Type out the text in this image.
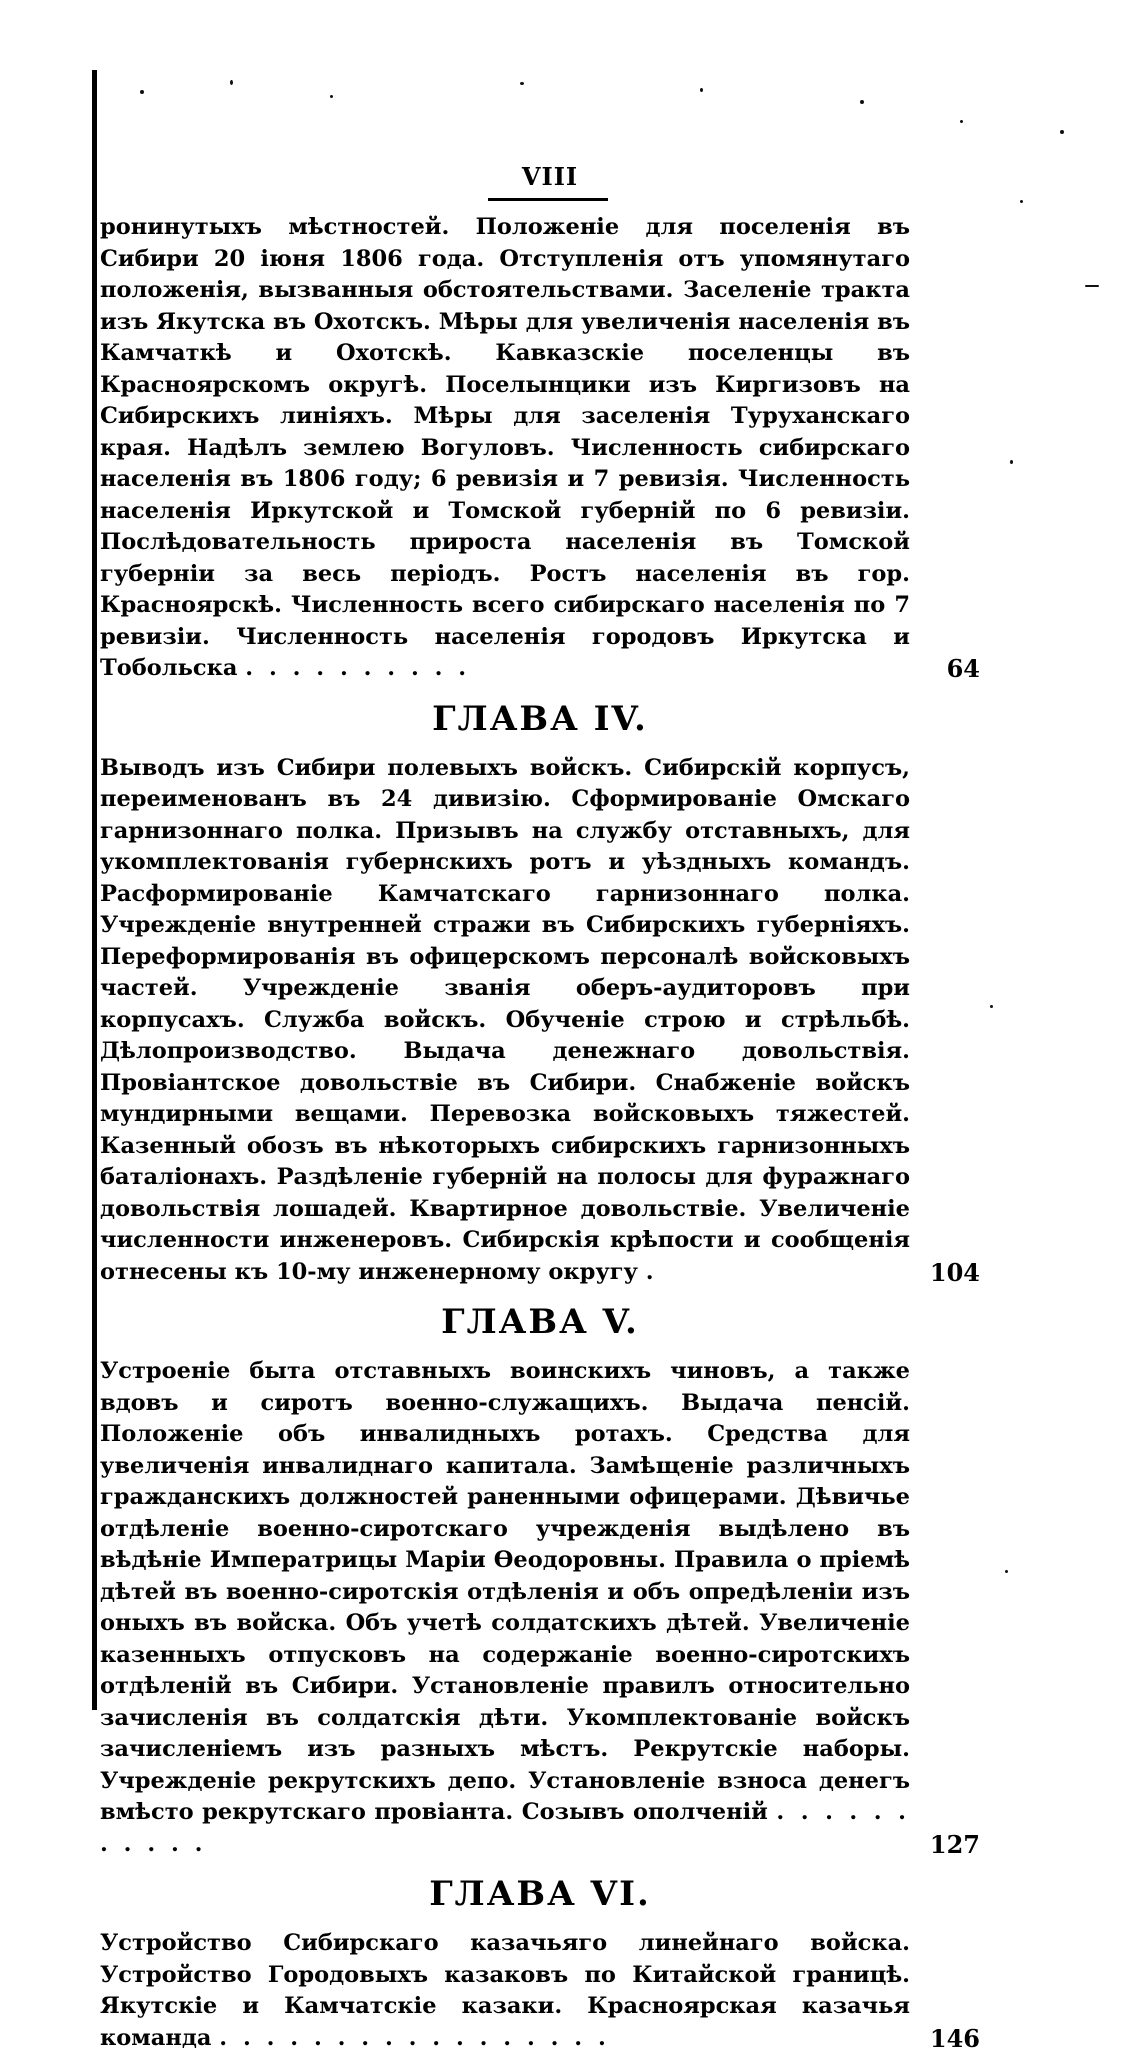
VIII

ронинутыхъ мѣстностей. Положеніе для поселенія въ Сибири 20 іюня 1806 года. Отступленія отъ упомянутаго положенія, вызванныя обстоятельствами. Заселеніе тракта изъ Якутска въ Охотскъ. Мѣры для увеличенія населенія въ Камчаткѣ и Охотскѣ. Кавказскіе поселенцы въ Красноярскомъ округѣ. Поселынцики изъ Киргизовъ на Сибирскихъ линіяхъ. Мѣры для заселенія Туруханскаго края. Надѣлъ землею Вогуловъ. Численность сибирскаго населенія въ 1806 году; 6 ревизія и 7 ревизія. Численность населенія Иркутской и Томской губерній по 6 ревизіи. Послѣдовательность прироста населенія въ Томской губерніи за весь періодъ. Ростъ населенія въ гор. Красноярскѣ. Численность всего сибирскаго населенія по 7 ревизіи. Численность населенія городовъ Иркутска и Тобольска . . . . . . . . . .	64
ГЛАВА IV.

Выводъ изъ Сибири полевыхъ войскъ. Сибирскій корпусъ, переименованъ въ 24 дивизію. Сформированіе Омскаго гарнизоннаго полка. Призывъ на службу отставныхъ, для укомплектованія губернскихъ ротъ и уѣздныхъ командъ. Расформированіе Камчатскаго гарнизоннаго полка. Учрежденіе внутренней стражи въ Сибирскихъ губерніяхъ. Переформированія въ офицерскомъ персоналѣ войсковыхъ частей. Учрежденіе званія оберъ-аудиторовъ при корпусахъ. Служба войскъ. Обученіе строю и стрѣльбѣ. Дѣлопроизводство. Выдача денежнаго довольствія. Провіантское довольствіе въ Сибири. Снабженіе войскъ мундирными вещами. Перевозка войсковыхъ тяжестей. Казенный обозъ въ нѣкоторыхъ сибирскихъ гарнизонныхъ баталіонахъ. Раздѣленіе губерній на полосы для фуражнаго довольствія лошадей. Квартирное довольствіе. Увеличеніе численности инженеровъ. Сибирскія крѣпости и сообщенія отнесены къ 10-му инженерному округу .	104
ГЛАВА V.

Устроеніе быта отставныхъ воинскихъ чиновъ, а также вдовъ и сиротъ военно-служащихъ. Выдача пенсій. Положеніе объ инвалидныхъ ротахъ. Средства для увеличенія инвалиднаго капитала. Замѣщеніе различныхъ гражданскихъ должностей раненными офицерами. Дѣвичье отдѣленіе военно-сиротскаго учрежденія выдѣлено въ вѣдѣніе Императрицы Маріи Ѳеодоровны. Правила о пріемѣ дѣтей въ военно-сиротскія отдѣленія и объ опредѣленіи изъ оныхъ въ войска. Объ учетѣ солдатскихъ дѣтей. Увеличеніе казенныхъ отпусковъ на содержаніе военно-сиротскихъ отдѣленій въ Сибири. Установленіе правилъ относительно зачисленія въ солдатскія дѣти. Укомплектованіе войскъ зачисленіемъ изъ разныхъ мѣстъ. Рекрутскіе наборы. Учрежденіе рекрутскихъ депо. Установленіе взноса денегъ вмѣсто рекрутскаго провіанта. Созывъ ополченій . . . . . . . . . . .	127
ГЛАВА VI.

Устройство Сибирскаго казачьяго линейнаго войска. Устройство Городовыхъ казаковъ по Китайской границѣ. Якутскіе и Камчатскіе казаки. Красноярская казачья команда . . . . . . . . . . . . . . . . .	146
